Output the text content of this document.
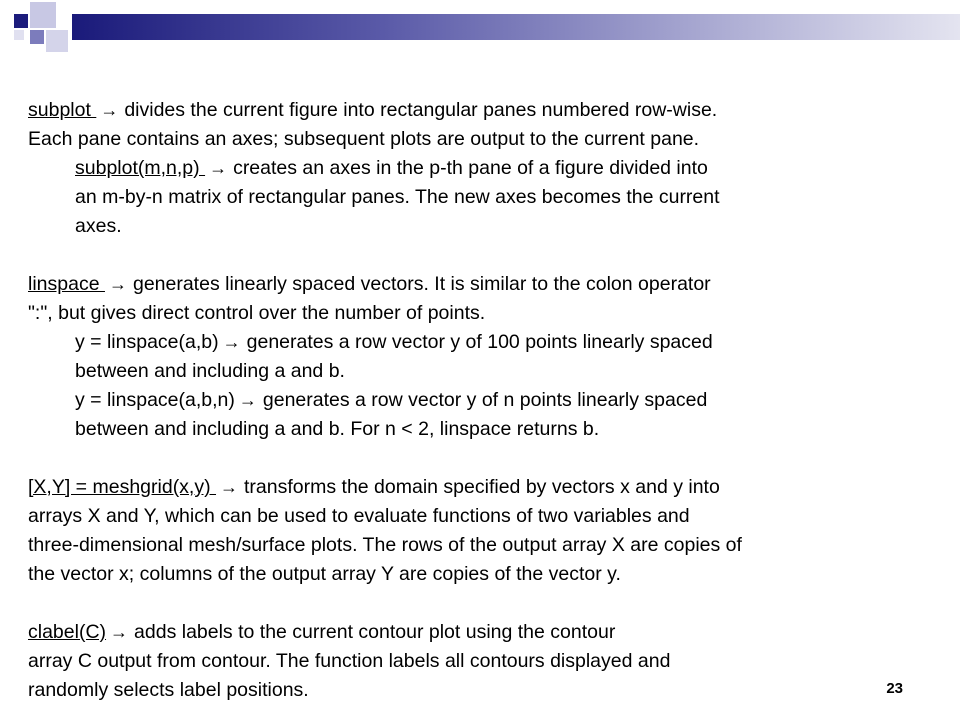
subplot → divides the current figure into rectangular panes numbered row-wise.
Each pane contains an axes; subsequent plots are output to the current pane.
subplot(m,n,p) → creates an axes in the p-th pane of a figure divided into
an m-by-n matrix of rectangular panes. The new axes becomes the current
axes.
linspace → generates linearly spaced vectors. It is similar to the colon operator
":", but gives direct control over the number of points.
y = linspace(a,b) → generates a row vector y of 100 points linearly spaced
between and including a and b.
y = linspace(a,b,n) → generates a row vector y of n points linearly spaced
between and including a and b. For n < 2, linspace returns b.
[X,Y] = meshgrid(x,y) → transforms the domain specified by vectors x and y into
arrays X and Y, which can be used to evaluate functions of two variables and
three-dimensional mesh/surface plots. The rows of the output array X are copies of
the vector x; columns of the output array Y are copies of the vector y.
clabel(C) → adds labels to the current contour plot using the contour
array C output from contour. The function labels all contours displayed and
randomly selects label positions.	23
